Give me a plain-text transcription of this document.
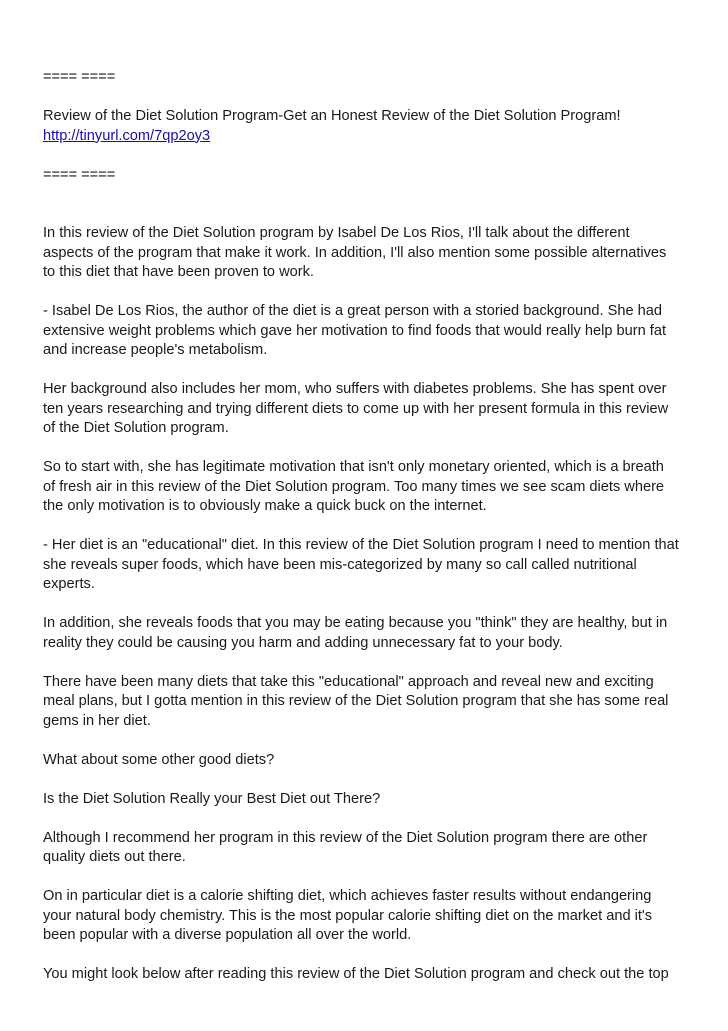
==== ====

Review of the Diet Solution Program-Get an Honest Review of the Diet Solution Program!

http://tinyurl.com/7qp2oy3

==== ====

In this review of the Diet Solution program by Isabel De Los Rios, I'll talk about the different

aspects of the program that make it work. In addition, I'll also mention some possible alternatives

to this diet that have been proven to work.

- Isabel De Los Rios, the author of the diet is a great person with a storied background. She had

extensive weight problems which gave her motivation to find foods that would really help burn fat

and increase people's metabolism.

Her background also includes her mom, who suffers with diabetes problems. She has spent over

ten years researching and trying different diets to come up with her present formula in this review

of the Diet Solution program.

So to start with, she has legitimate motivation that isn't only monetary oriented, which is a breath

of fresh air in this review of the Diet Solution program. Too many times we see scam diets where

the only motivation is to obviously make a quick buck on the internet.

- Her diet is an "educational" diet. In this review of the Diet Solution program I need to mention that

she reveals super foods, which have been mis-categorized by many so call called nutritional

experts.

In addition, she reveals foods that you may be eating because you "think" they are healthy, but in

reality they could be causing you harm and adding unnecessary fat to your body.

There have been many diets that take this "educational" approach and reveal new and exciting

meal plans, but I gotta mention in this review of the Diet Solution program that she has some real

gems in her diet.

What about some other good diets?

Is the Diet Solution Really your Best Diet out There?

Although I recommend her program in this review of the Diet Solution program there are other

quality diets out there.

On in particular diet is a calorie shifting diet, which achieves faster results without endangering

your natural body chemistry. This is the most popular calorie shifting diet on the market and it's

been popular with a diverse population all over the world.

You might look below after reading this review of the Diet Solution program and check out the top
